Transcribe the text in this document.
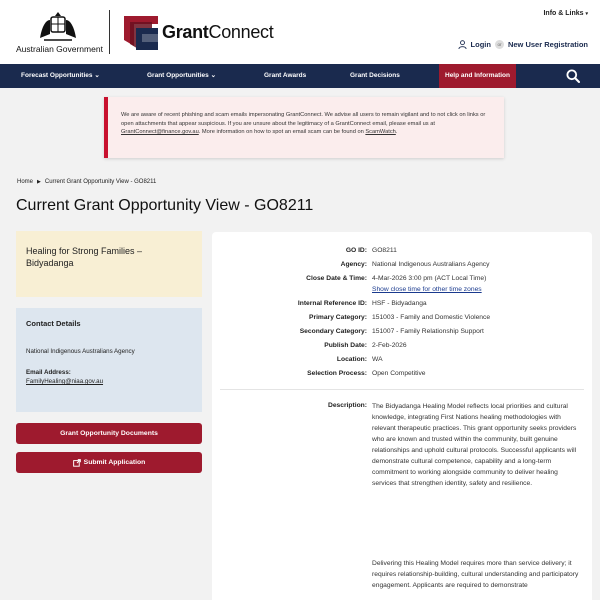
Australian Government
GrantConnect
Info & Links ▾
Login	or New User Registration
Forecast Opportunities ⌄	Grant Opportunities ⌄	Grant Awards	Grant Decisions	Help and Information
We are aware of recent phishing and scam emails impersonating GrantConnect. We advise all users to remain vigilant and to not click on links or open attachments that appear suspicious. If you are unsure about the legitimacy of a GrantConnect email, please email us at GrantConnect@finance.gov.au. More information on how to spot an email scam can be found on ScamWatch.
Home ▶ Current Grant Opportunity View - GO8211
Current Grant Opportunity View - GO8211
Healing for Strong Families – Bidyadanga
Contact Details
National Indigenous Australians Agency
Email Address:
FamilyHealing@niaa.gov.au
Grant Opportunity Documents
Submit Application
GO ID: GO8211
Agency: National Indigenous Australians Agency
Close Date & Time: 4-Mar-2026 3:00 pm (ACT Local Time)
Show close time for other time zones
Internal Reference ID: HSF - Bidyadanga
Primary Category: 151003 - Family and Domestic Violence
Secondary Category: 151007 - Family Relationship Support
Publish Date: 2-Feb-2026
Location: WA
Selection Process: Open Competitive
Description: The Bidyadanga Healing Model reflects local priorities and cultural knowledge, integrating First Nations healing methodologies with relevant therapeutic practices. This grant opportunity seeks providers who are known and trusted within the community, built genuine relationships and uphold cultural protocols. Successful applicants will demonstrate cultural competence, capability and a long-term commitment to working alongside community to deliver healing services that strengthen identity, safety and resilience.
Delivering this Healing Model requires more than service delivery; it requires relationship-building, cultural understanding and participatory engagement. Applicants are required to demonstrate
